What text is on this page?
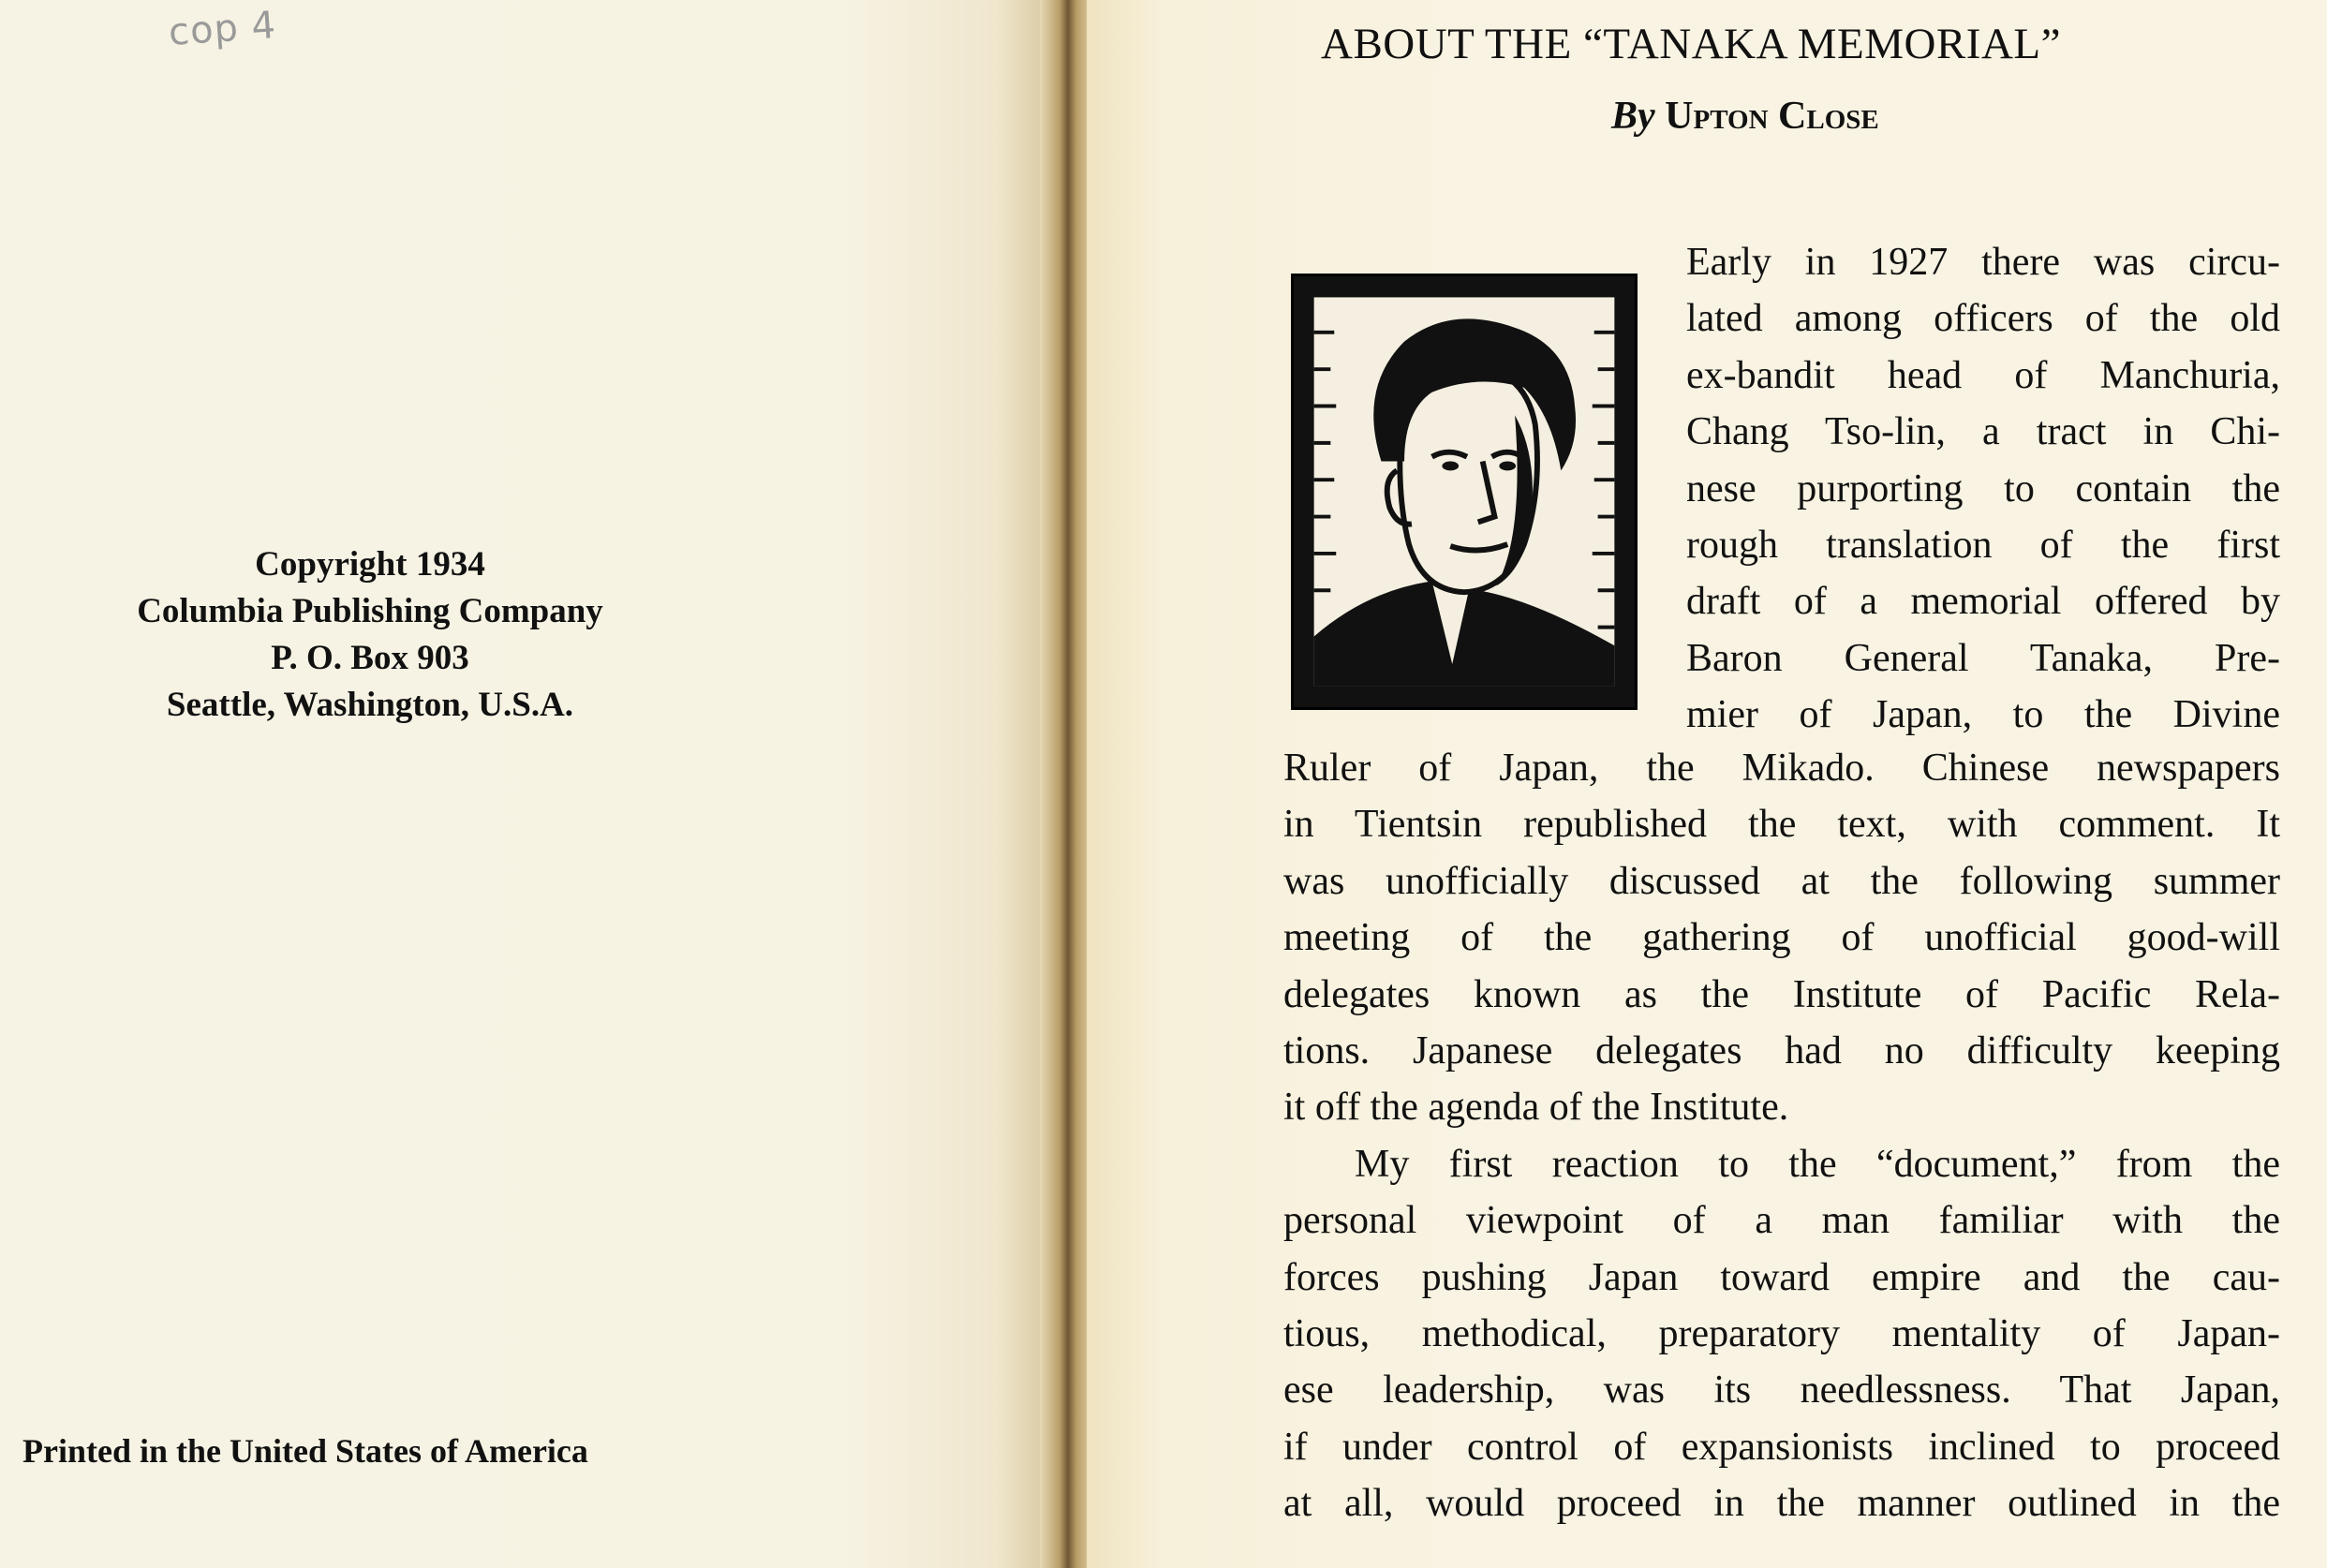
cop 4
Copyright 1934
Columbia Publishing Company
P. O. Box 903
Seattle, Washington, U.S.A.
Printed in the United States of America
ABOUT THE “TANAKA MEMORIAL”
By Upton Close
Early in 1927 there was circu-
lated among officers of the old
ex-bandit head of Manchuria,
Chang Tso-lin, a tract in Chi-
nese purporting to contain the
rough translation of the first
draft of a memorial offered by
Baron General Tanaka, Pre-
mier of Japan, to the Divine
Ruler of Japan, the Mikado. Chinese newspapers
in Tientsin republished the text, with comment. It
was unofficially discussed at the following summer
meeting of the gathering of unofficial good-will
delegates known as the Institute of Pacific Rela-
tions. Japanese delegates had no difficulty keeping
it off the agenda of the Institute.
My first reaction to the “document,” from the
personal viewpoint of a man familiar with the
forces pushing Japan toward empire and the cau-
tious, methodical, preparatory mentality of Japan-
ese leadership, was its needlessness. That Japan,
if under control of expansionists inclined to proceed
at all, would proceed in the manner outlined in the
